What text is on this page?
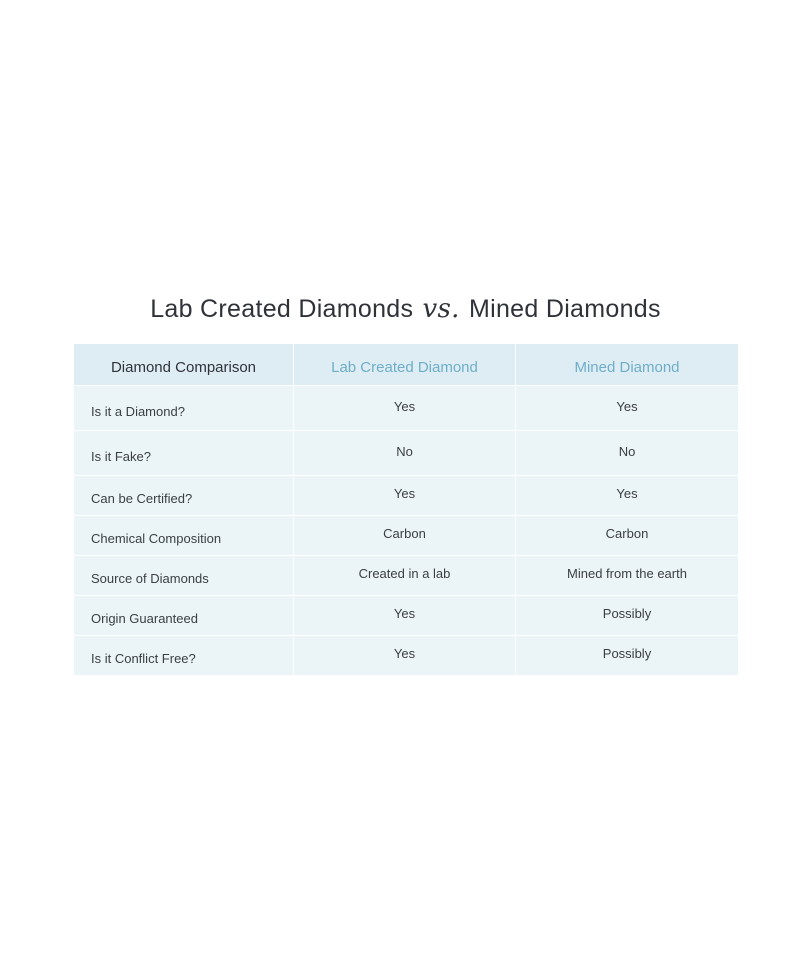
Lab Created Diamonds vs. Mined Diamonds
Diamond Comparison	Lab Created Diamond	Mined Diamond
Is it a Diamond?	Yes	Yes
Is it Fake?	No	No
Can be Certified?	Yes	Yes
Chemical Composition	Carbon	Carbon
Source of Diamonds	Created in a lab	Mined from the earth
Origin Guaranteed	Yes	Possibly
Is it Conflict Free?	Yes	Possibly
